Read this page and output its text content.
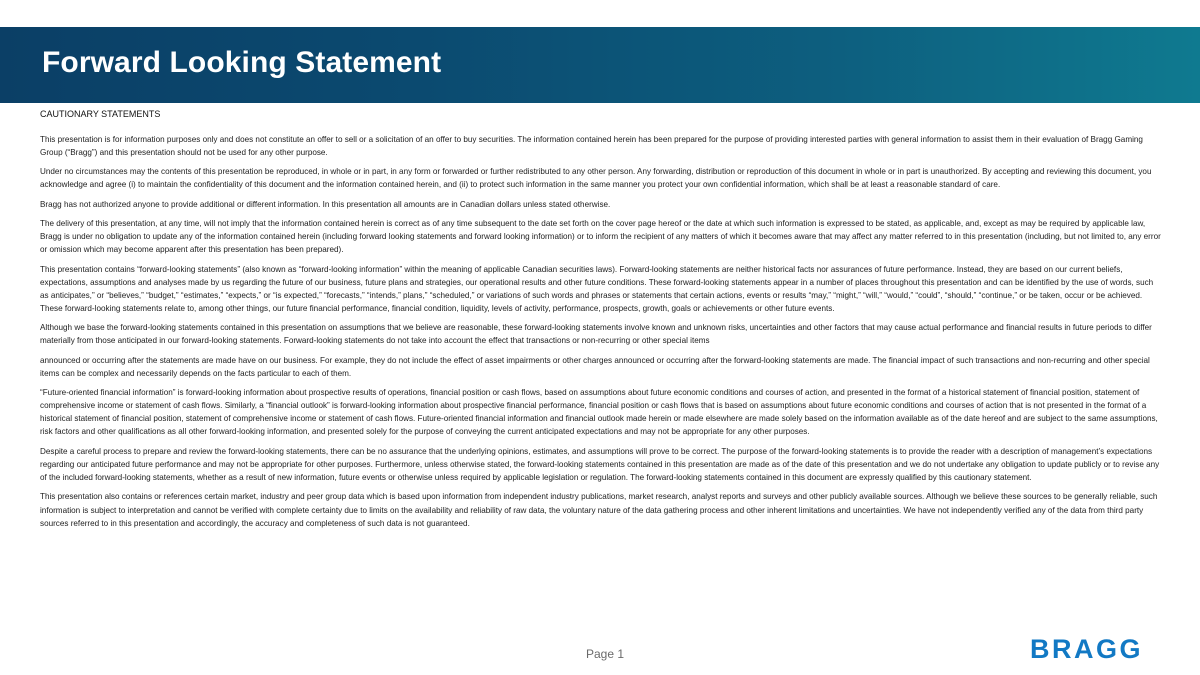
Forward Looking Statement
CAUTIONARY STATEMENTS

This presentation is for information purposes only and does not constitute an offer to sell or a solicitation of an offer to buy securities. The information contained herein has been prepared for the purpose of providing interested parties with general information to assist them in their evaluation of Bragg Gaming Group (“Bragg”) and this presentation should not be used for any other purpose.

Under no circumstances may the contents of this presentation be reproduced, in whole or in part, in any form or forwarded or further redistributed to any other person. Any forwarding, distribution or reproduction of this document in whole or in part is unauthorized. By accepting and reviewing this document, you acknowledge and agree (i) to maintain the confidentiality of this document and the information contained herein, and (ii) to protect such information in the same manner you protect your own confidential information, which shall be at least a reasonable standard of care.

Bragg has not authorized anyone to provide additional or different information. In this presentation all amounts are in Canadian dollars unless stated otherwise.

The delivery of this presentation, at any time, will not imply that the information contained herein is correct as of any time subsequent to the date set forth on the cover page hereof or the date at which such information is expressed to be stated, as applicable, and, except as may be required by applicable law, Bragg is under no obligation to update any of the information contained herein (including forward looking statements and forward looking information) or to inform the recipient of any matters of which it becomes aware that may affect any matter referred to in this presentation (including, but not limited to, any error or omission which may become apparent after this presentation has been prepared).

This presentation contains “forward-looking statements” (also known as “forward-looking information” within the meaning of applicable Canadian securities laws). Forward-looking statements are neither historical facts nor assurances of future performance. Instead, they are based on our current beliefs, expectations, assumptions and analyses made by us regarding the future of our business, future plans and strategies, our operational results and other future conditions. These forward-looking statements appear in a number of places throughout this presentation and can be identified by the use of words, such as anticipates,” or “believes,” “budget,” “estimates,” “expects,” or “is expected,” “forecasts,” “intends,” plans,” “scheduled,” or variations of such words and phrases or statements that certain actions, events or results “may,” “might,” “will,” “would,” “could”, “should,” “continue,” or be taken, occur or be achieved. These forward-looking statements relate to, among other things, our future financial performance, financial condition, liquidity, levels of activity, performance, prospects, growth, goals or achievements or other future events.

Although we base the forward-looking statements contained in this presentation on assumptions that we believe are reasonable, these forward-looking statements involve known and unknown risks, uncertainties and other factors that may cause actual performance and financial results in future periods to differ materially from those anticipated in our forward-looking statements. Forward-looking statements do not take into account the effect that transactions or non-recurring or other special items

announced or occurring after the statements are made have on our business. For example, they do not include the effect of asset impairments or other charges announced or occurring after the forward-looking statements are made. The financial impact of such transactions and non-recurring and other special items can be complex and necessarily depends on the facts particular to each of them.

“Future-oriented financial information” is forward-looking information about prospective results of operations, financial position or cash flows, based on assumptions about future economic conditions and courses of action, and presented in the format of a historical statement of financial position, statement of comprehensive income or statement of cash flows. Similarly, a “financial outlook” is forward-looking information about prospective financial performance, financial position or cash flows that is based on assumptions about future economic conditions and courses of action that is not presented in the format of a historical statement of financial position, statement of comprehensive income or statement of cash flows. Future-oriented financial information and financial outlook made herein or made elsewhere are made solely based on the information available as of the date hereof and are subject to the same assumptions, risk factors and other qualifications as all other forward-looking information, and presented solely for the purpose of conveying the current anticipated expectations and may not be appropriate for any other purposes.

Despite a careful process to prepare and review the forward-looking statements, there can be no assurance that the underlying opinions, estimates, and assumptions will prove to be correct. The purpose of the forward-looking statements is to provide the reader with a description of management’s expectations regarding our anticipated future performance and may not be appropriate for other purposes. Furthermore, unless otherwise stated, the forward-looking statements contained in this presentation are made as of the date of this presentation and we do not undertake any obligation to update publicly or to revise any of the included forward-looking statements, whether as a result of new information, future events or otherwise unless required by applicable legislation or regulation. The forward-looking statements contained in this document are expressly qualified by this cautionary statement.

This presentation also contains or references certain market, industry and peer group data which is based upon information from independent industry publications, market research, analyst reports and surveys and other publicly available sources. Although we believe these sources to be generally reliable, such information is subject to interpretation and cannot be verified with complete certainty due to limits on the availability and reliability of raw data, the voluntary nature of the data gathering process and other inherent limitations and uncertainties. We have not independently verified any of the data from third party sources referred to in this presentation and accordingly, the accuracy and completeness of such data is not guaranteed.

Page 1	BRAGG
